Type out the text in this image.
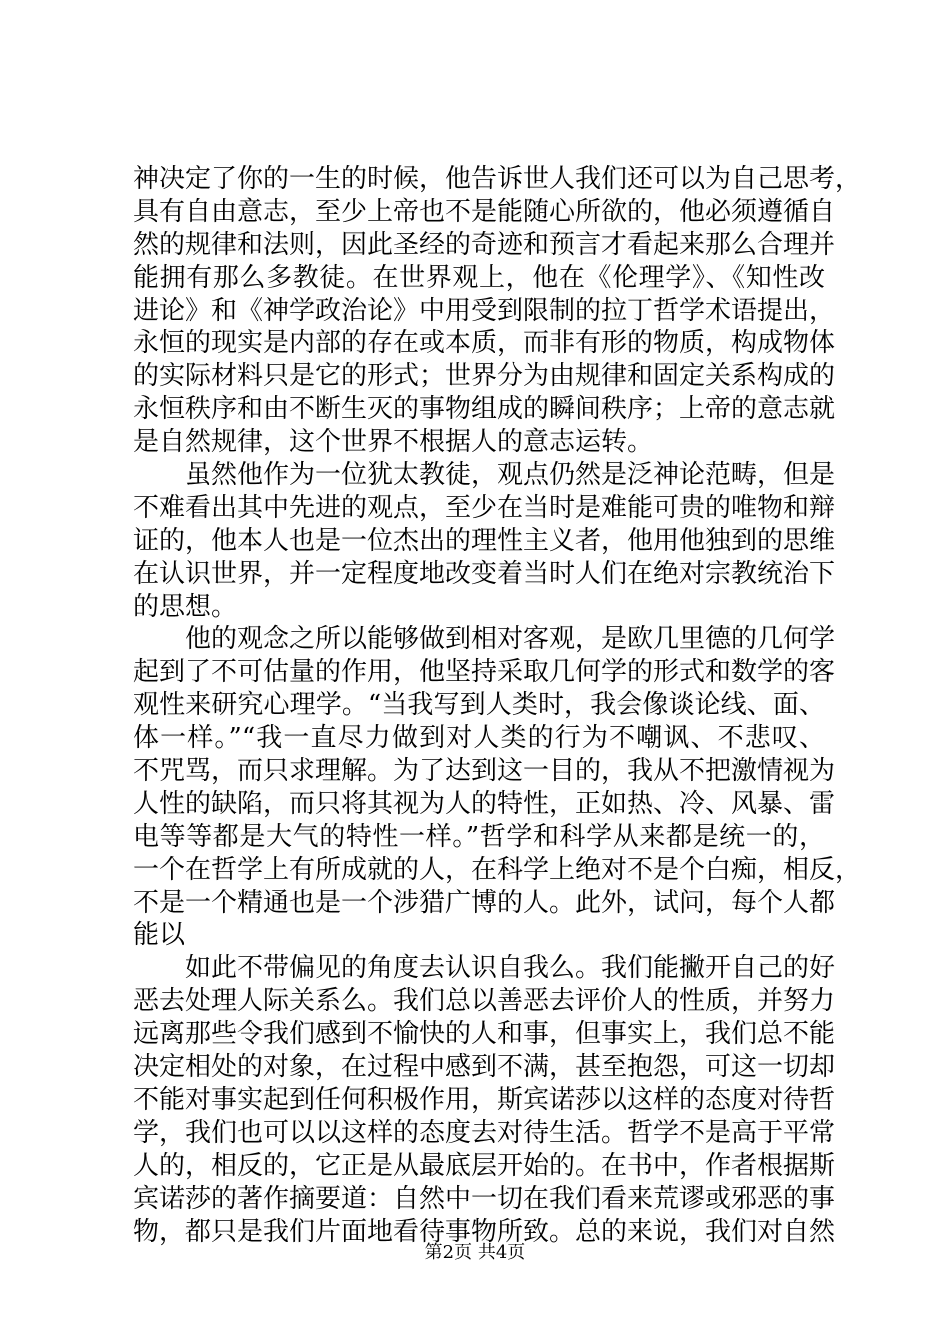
神决定了你的一生的时候，他告诉世人我们还可以为自己思考，
具有自由意志，至少上帝也不是能随心所欲的，他必须遵循自
然的规律和法则，因此圣经的奇迹和预言才看起来那么合理并
能拥有那么多教徒。在世界观上，他在《伦理学》、《知性改
进论》和《神学政治论》中用受到限制的拉丁哲学术语提出，
永恒的现实是内部的存在或本质，而非有形的物质，构成物体
的实际材料只是它的形式；世界分为由规律和固定关系构成的
永恒秩序和由不断生灭的事物组成的瞬间秩序；上帝的意志就
是自然规律，这个世界不根据人的意志运转。
虽然他作为一位犹太教徒，观点仍然是泛神论范畴，但是
不难看出其中先进的观点，至少在当时是难能可贵的唯物和辩
证的，他本人也是一位杰出的理性主义者，他用他独到的思维
在认识世界，并一定程度地改变着当时人们在绝对宗教统治下
的思想。
他的观念之所以能够做到相对客观，是欧几里德的几何学
起到了不可估量的作用，他坚持采取几何学的形式和数学的客
观性来研究心理学。“当我写到人类时，我会像谈论线、面、
体一样。”“我一直尽力做到对人类的行为不嘲讽、不悲叹、
不咒骂，而只求理解。为了达到这一目的，我从不把激情视为
人性的缺陷，而只将其视为人的特性，正如热、冷、风暴、雷
电等等都是大气的特性一样。”哲学和科学从来都是统一的，
一个在哲学上有所成就的人，在科学上绝对不是个白痴，相反，
不是一个精通也是一个涉猎广博的人。此外，试问，每个人都
能以
如此不带偏见的角度去认识自我么。我们能撇开自己的好
恶去处理人际关系么。我们总以善恶去评价人的性质，并努力
远离那些令我们感到不愉快的人和事，但事实上，我们总不能
决定相处的对象，在过程中感到不满，甚至抱怨，可这一切却
不能对事实起到任何积极作用，斯宾诺莎以这样的态度对待哲
学，我们也可以以这样的态度去对待生活。哲学不是高于平常
人的，相反的，它正是从最底层开始的。在书中，作者根据斯
宾诺莎的著作摘要道：自然中一切在我们看来荒谬或邪恶的事
物，都只是我们片面地看待事物所致。总的来说，我们对自然
第2页 共4页
